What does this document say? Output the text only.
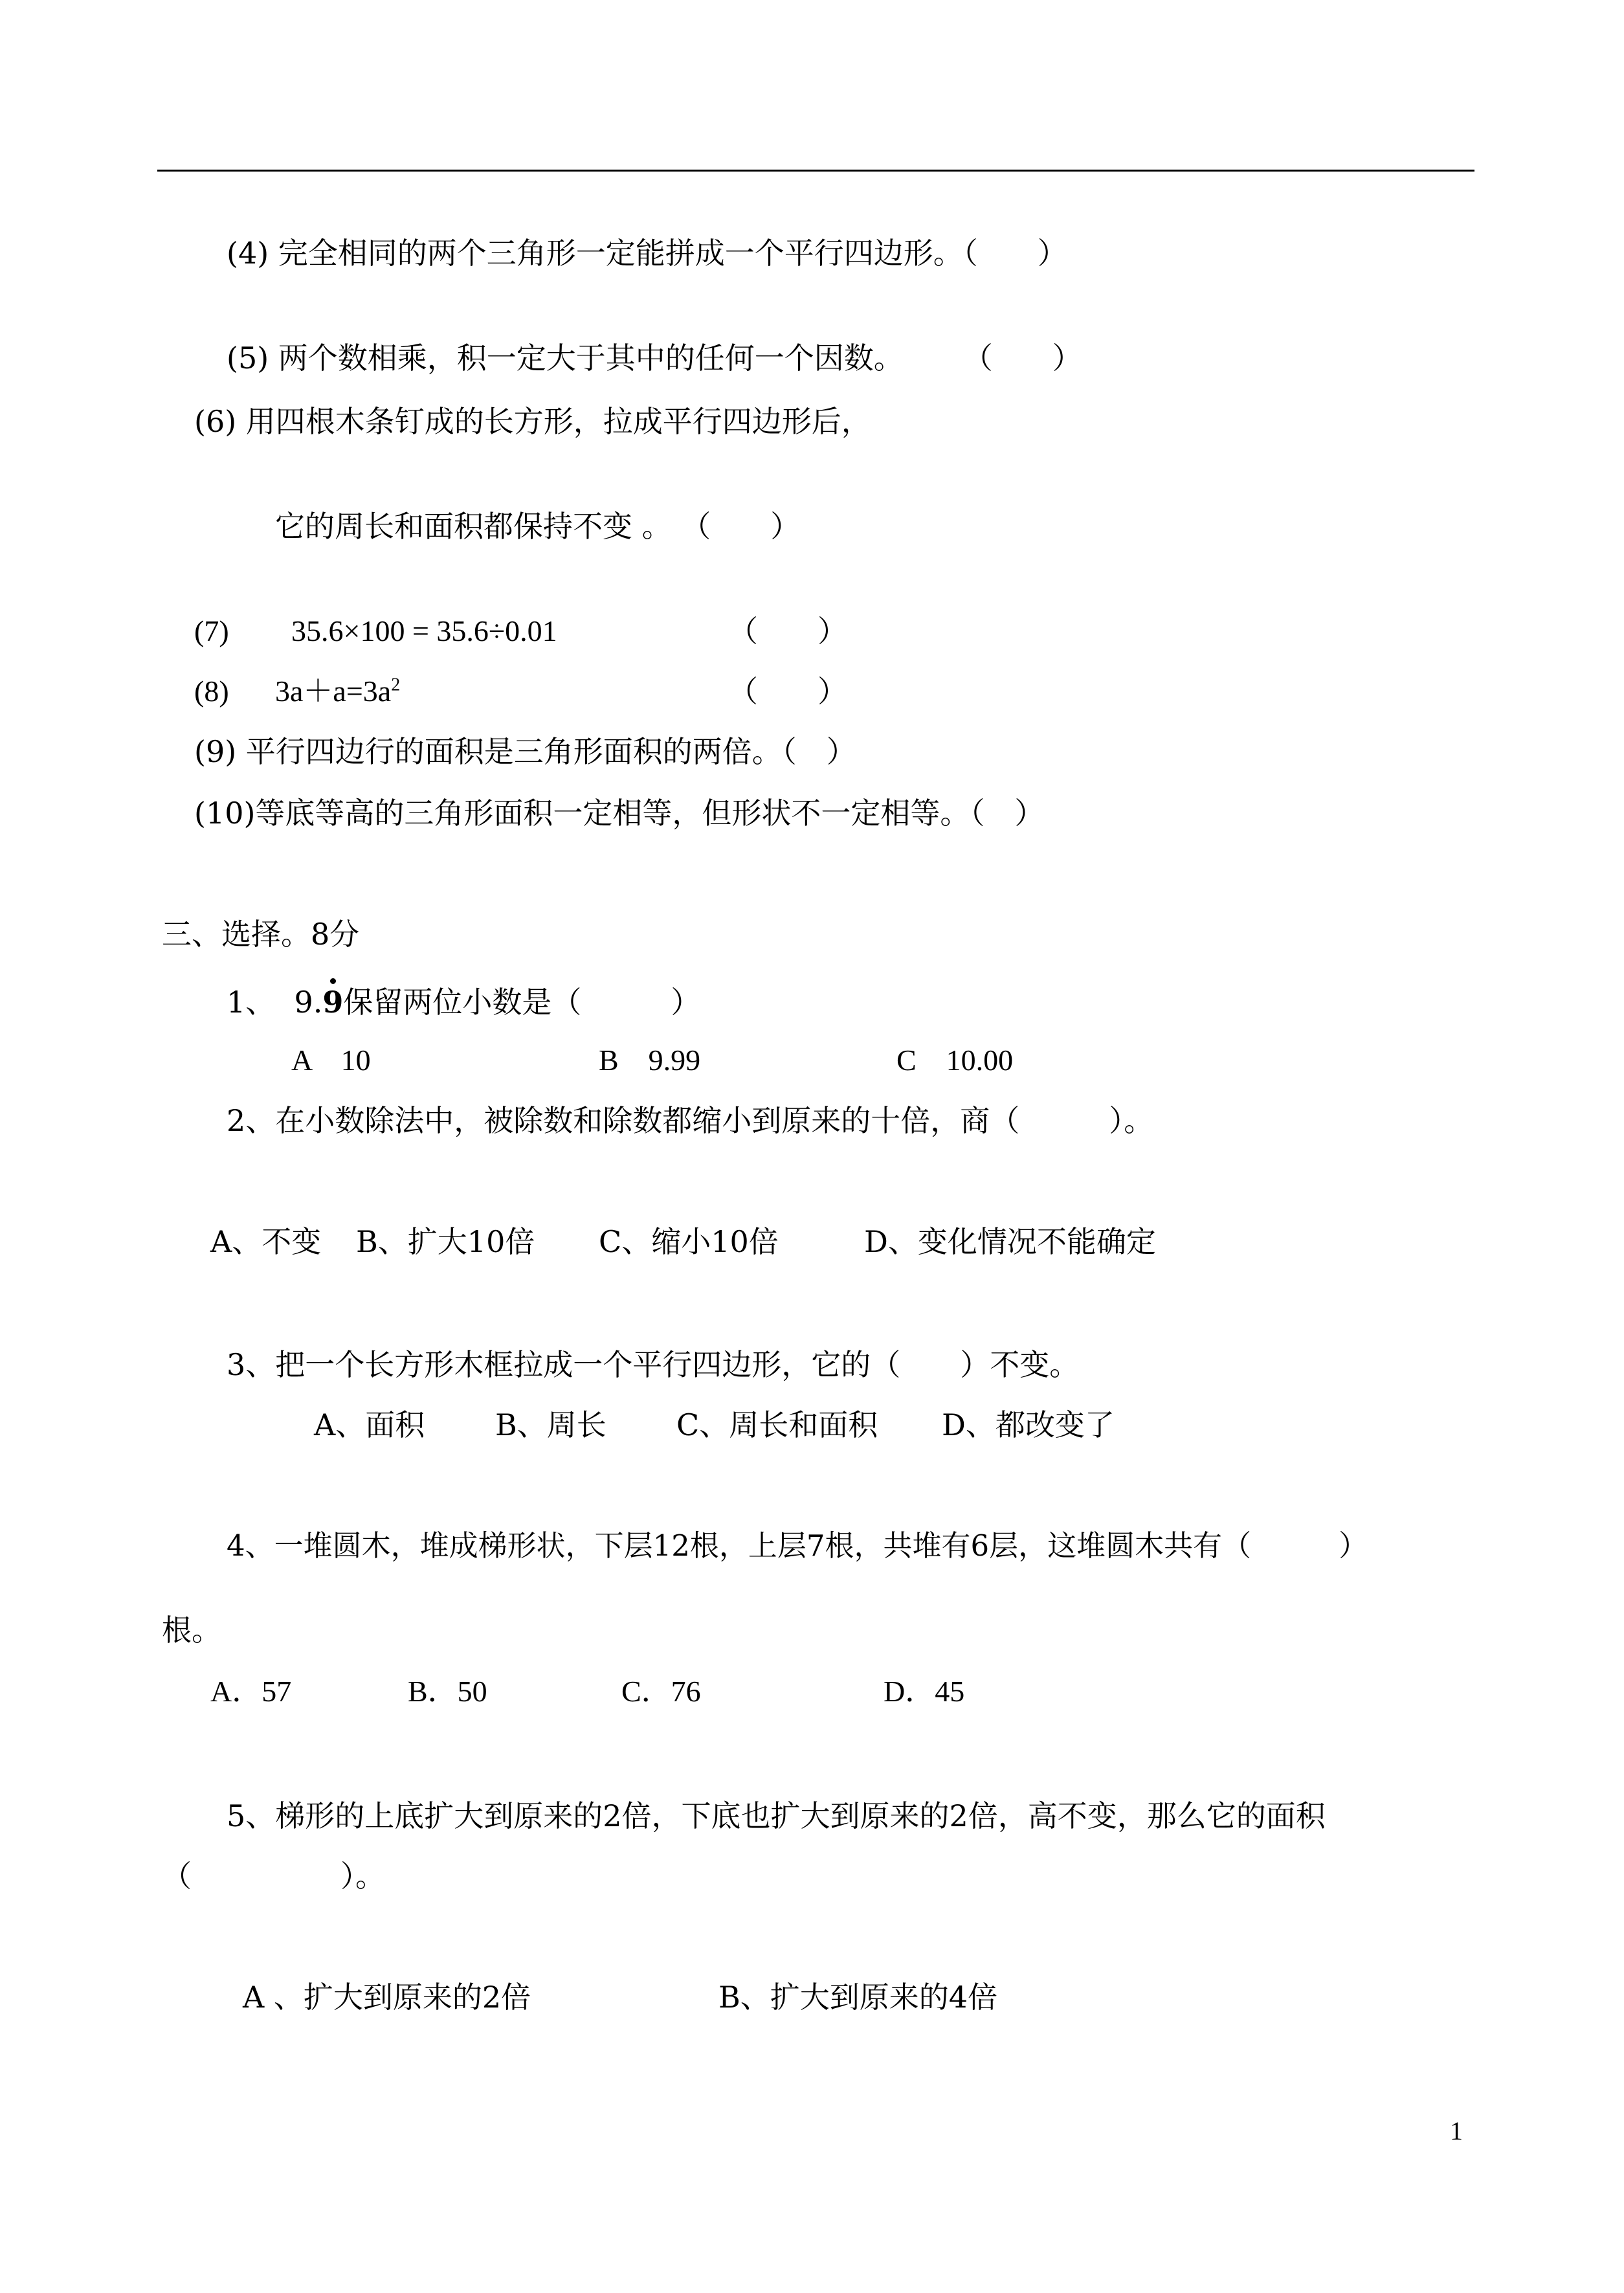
(4) 完全相同的两个三角形一定能拼成一个平行四边形。（　　）
(5) 两个数相乘，积一定大于其中的任何一个因数。　　　（　　）
(6) 用四根木条钉成的长方形，拉成平行四边形后，
它的周长和面积都保持不变 。 （　　）
(7) 35.6×100 = 35.6÷0.01	（　　）
(8) $3a+a=3a^2$	（　　）
(9) 平行四边行的面积是三角形面积的两倍。（　）
(10)等底等高的三角形面积一定相等，但形状不一定相等。（　）
三、选择。8分
1、  9.9保留两位小数是（　　　）
A　10	B　9.99	C　10.00
2、在小数除法中，被除数和除数都缩小到原来的十倍，商（　　　）。
A、不变 B、扩大10倍 C、缩小10倍	D、变化情况不能确定
3、把一个长方形木框拉成一个平行四边形，它的（　　）不变。
A、面积 B、周长 C、周长和面积 D、都改变了
4、一堆圆木，堆成梯形状，下层12根，上层7根，共堆有6层，这堆圆木共有（　　　）
根。
A．57	B．50	C．76	D．45
5、梯形的上底扩大到原来的2倍，下底也扩大到原来的2倍，高不变，那么它的面积
（　　　　　）。
A 、扩大到原来的2倍	B、扩大到原来的4倍
1
